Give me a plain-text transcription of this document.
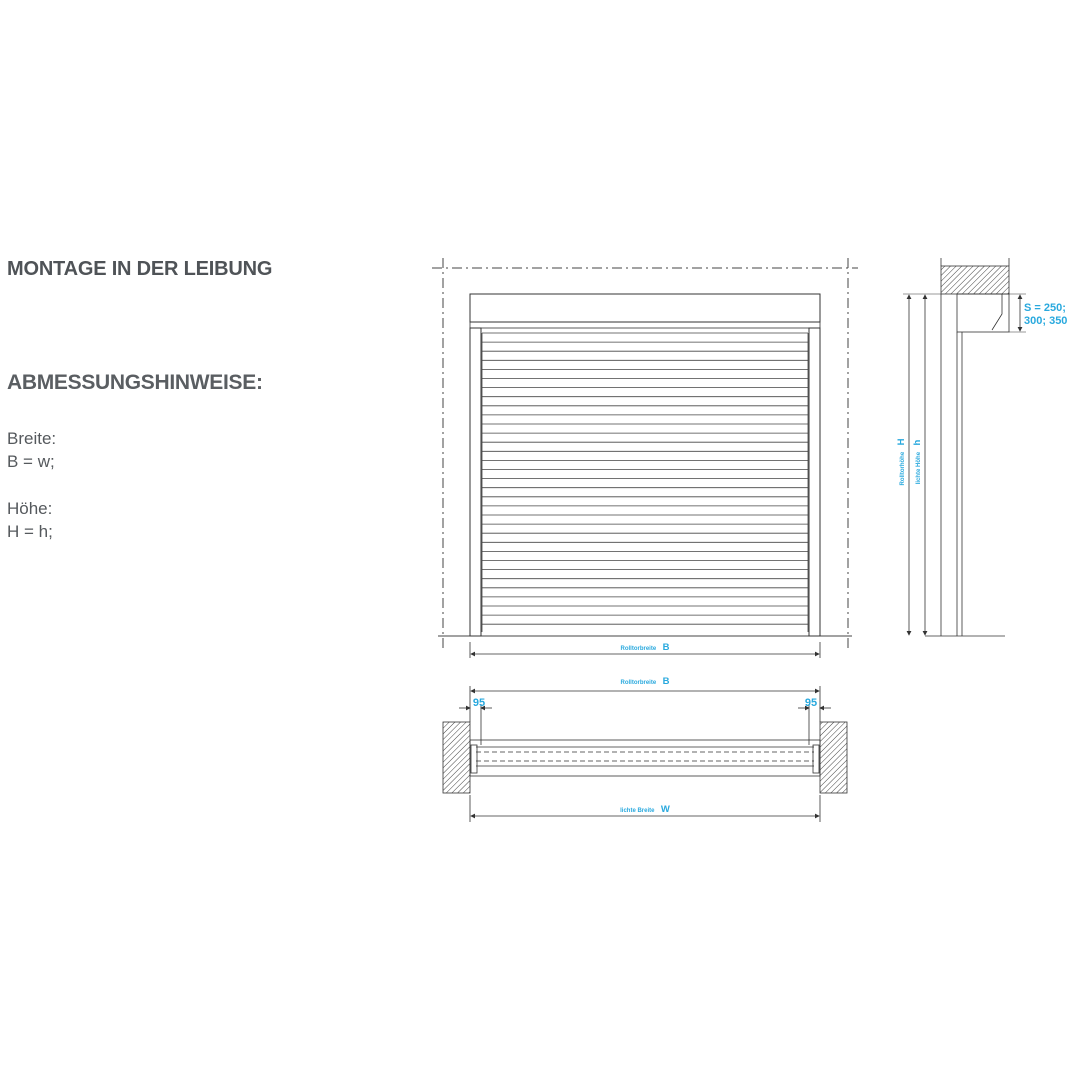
MONTAGE IN DER LEIBUNG
ABMESSUNGSHINWEISE:
Breite:
B = w;
Höhe:
H = h;
Rolltorbreite B
Rolltorbreite B
95	95
lichte Breite W
Rolltorhöhe H
lichte Höhe h
S = 250;
300; 350
